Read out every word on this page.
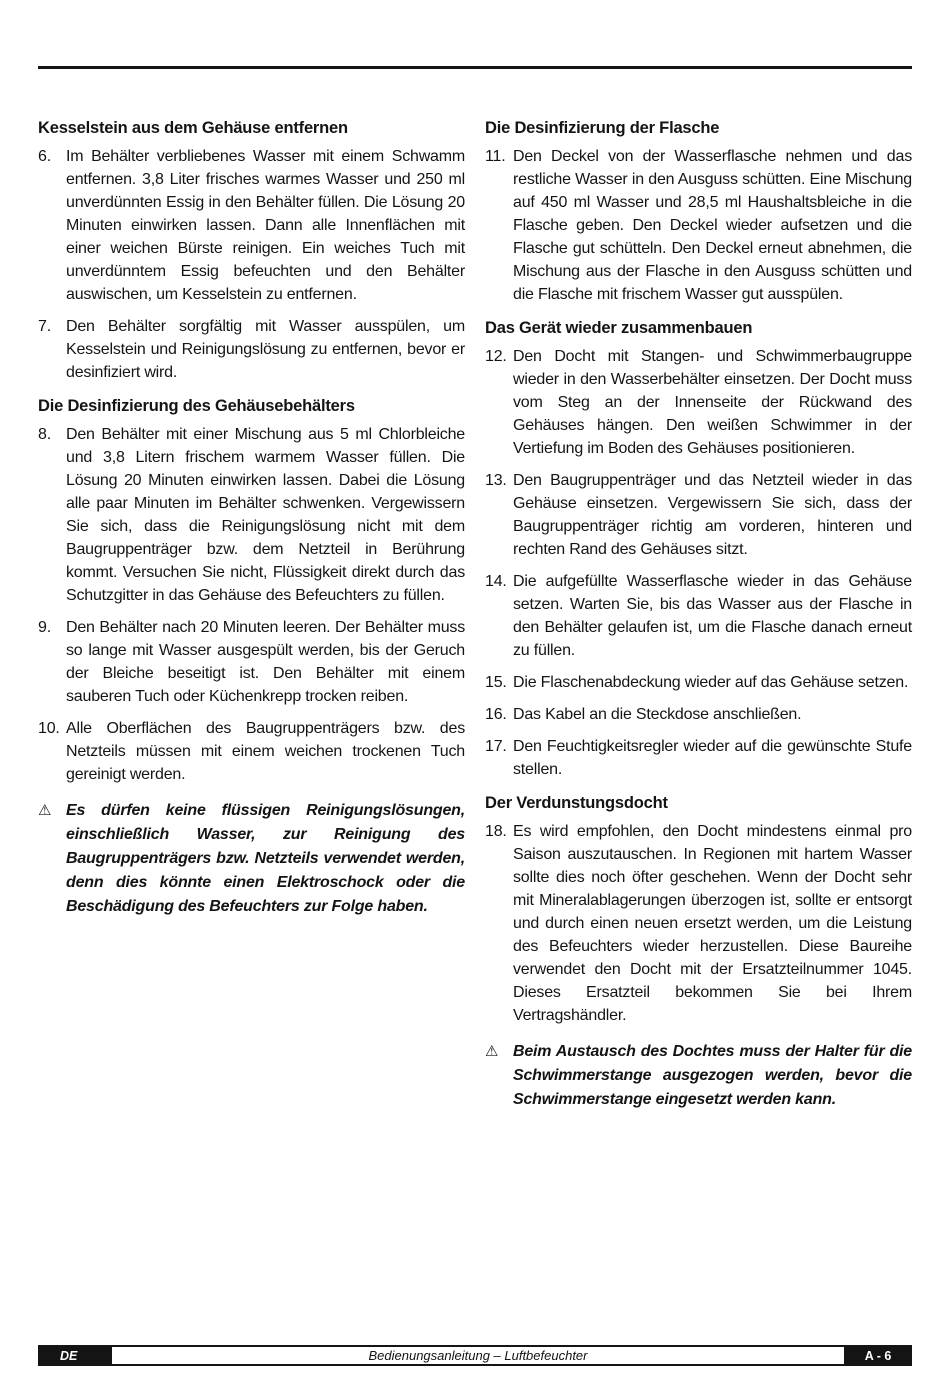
Kesselstein aus dem Gehäuse entfernen
6. Im Behälter verbliebenes Wasser mit einem Schwamm entfernen. 3,8 Liter frisches warmes Wasser und 250 ml unverdünnten Essig in den Behälter füllen. Die Lösung 20 Minuten einwirken lassen. Dann alle Innenflächen mit einer weichen Bürste reinigen. Ein weiches Tuch mit unverdünntem Essig befeuchten und den Behälter auswischen, um Kesselstein zu entfernen.
7. Den Behälter sorgfältig mit Wasser ausspülen, um Kesselstein und Reinigungslösung zu entfernen, bevor er desinfiziert wird.
Die Desinfizierung des Gehäusebehälters
8. Den Behälter mit einer Mischung aus 5 ml Chlorbleiche und 3,8 Litern frischem warmem Wasser füllen. Die Lösung 20 Minuten einwirken lassen. Dabei die Lösung alle paar Minuten im Behälter schwenken. Vergewissern Sie sich, dass die Reinigungslösung nicht mit dem Baugruppenträger bzw. dem Netzteil in Berührung kommt. Versuchen Sie nicht, Flüssigkeit direkt durch das Schutzgitter in das Gehäuse des Befeuchters zu füllen.
9. Den Behälter nach 20 Minuten leeren. Der Behälter muss so lange mit Wasser ausgespült werden, bis der Geruch der Bleiche beseitigt ist. Den Behälter mit einem sauberen Tuch oder Küchenkrepp trocken reiben.
10. Alle Oberflächen des Baugruppenträgers bzw. des Netzteils müssen mit einem weichen trockenen Tuch gereinigt werden.
⚠ Es dürfen keine flüssigen Reinigungslösungen, einschließlich Wasser, zur Reinigung des Baugruppenträgers bzw. Netzteils verwendet werden, denn dies könnte einen Elektroschock oder die Beschädigung des Befeuchters zur Folge haben.
Die Desinfizierung der Flasche
11. Den Deckel von der Wasserflasche nehmen und das restliche Wasser in den Ausguss schütten. Eine Mischung auf 450 ml Wasser und 28,5 ml Haushaltsbleiche in die Flasche geben. Den Deckel wieder aufsetzen und die Flasche gut schütteln. Den Deckel erneut abnehmen, die Mischung aus der Flasche in den Ausguss schütten und die Flasche mit frischem Wasser gut ausspülen.
Das Gerät wieder zusammenbauen
12. Den Docht mit Stangen- und Schwimmerbaugruppe wieder in den Wasserbehälter einsetzen. Der Docht muss vom Steg an der Innenseite der Rückwand des Gehäuses hängen. Den weißen Schwimmer in der Vertiefung im Boden des Gehäuses positionieren.
13. Den Baugruppenträger und das Netzteil wieder in das Gehäuse einsetzen. Vergewissern Sie sich, dass der Baugruppenträger richtig am vorderen, hinteren und rechten Rand des Gehäuses sitzt.
14. Die aufgefüllte Wasserflasche wieder in das Gehäuse setzen. Warten Sie, bis das Wasser aus der Flasche in den Behälter gelaufen ist, um die Flasche danach erneut zu füllen.
15. Die Flaschenabdeckung wieder auf das Gehäuse setzen.
16. Das Kabel an die Steckdose anschließen.
17. Den Feuchtigkeitsregler wieder auf die gewünschte Stufe stellen.
Der Verdunstungsdocht
18. Es wird empfohlen, den Docht mindestens einmal pro Saison auszutauschen. In Regionen mit hartem Wasser sollte dies noch öfter geschehen. Wenn der Docht sehr mit Mineralablagerungen überzogen ist, sollte er entsorgt und durch einen neuen ersetzt werden, um die Leistung des Befeuchters wieder herzustellen. Diese Baureihe verwendet den Docht mit der Ersatzteilnummer 1045. Dieses Ersatzteil bekommen Sie bei Ihrem Vertragshändler.
⚠ Beim Austausch des Dochtes muss der Halter für die Schwimmerstange ausgezogen werden, bevor die Schwimmerstange eingesetzt werden kann.
DE	Bedienungsanleitung – Luftbefeuchter	A - 6
